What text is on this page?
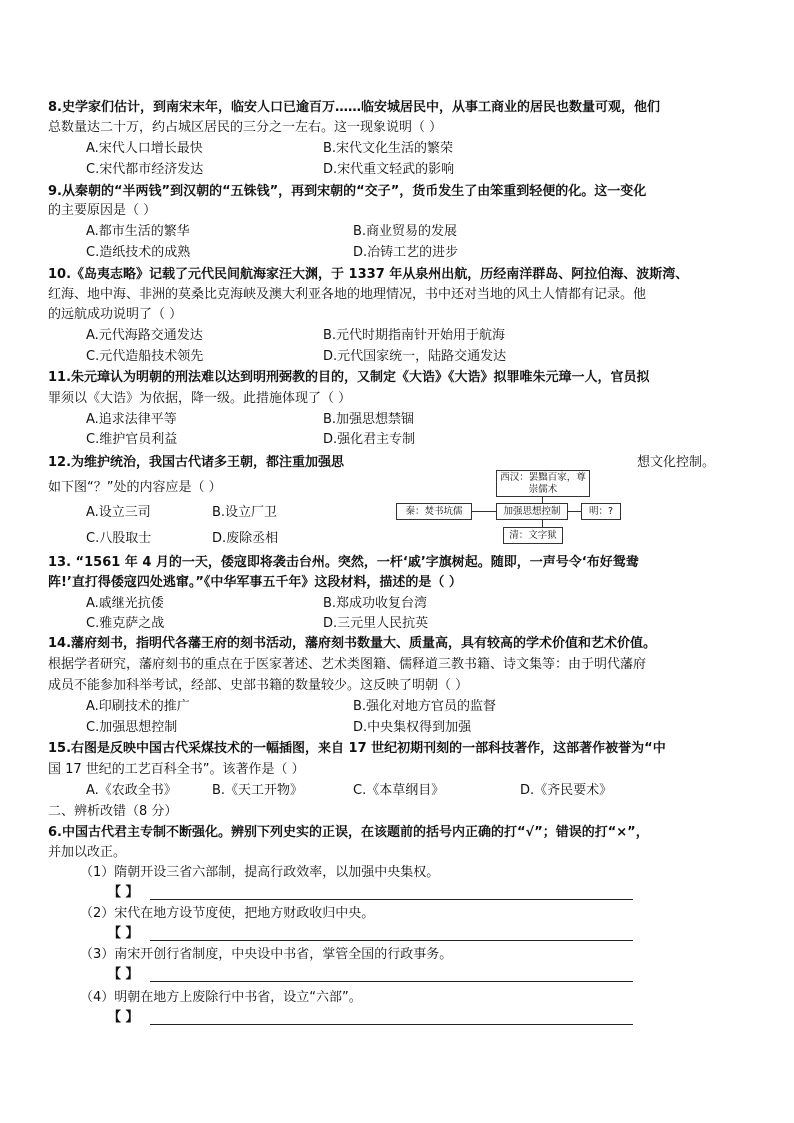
8.史学家们估计，到南宋末年，临安人口已逾百万……临安城居民中，从事工商业的居民也数量可观，他们
总数量达二十万，约占城区居民的三分之一左右。这一现象说明（ ）
A.宋代人口增长最快	B.宋代文化生活的繁荣
C.宋代都市经济发达	D.宋代重文轻武的影响
9.从秦朝的“半两钱”到汉朝的“五铢钱”，再到宋朝的“交子”，货币发生了由笨重到轻便的化。这一变化
的主要原因是（ ）
A.都市生活的繁华	B.商业贸易的发展
C.造纸技术的成熟	D.冶铸工艺的进步
10.《岛夷志略》记载了元代民间航海家汪大渊，于 1337 年从泉州出航，历经南洋群岛、阿拉伯海、波斯湾、
红海、地中海、非洲的莫桑比克海峡及澳大利亚各地的地理情况，书中还对当地的风土人情都有记录。他
的远航成功说明了（ ）
A.元代海路交通发达	B.元代时期指南针开始用于航海
C.元代造船技术领先	D.元代国家统一，陆路交通发达
11.朱元璋认为明朝的刑法难以达到明刑弼教的目的，又制定《大诰》《大诰》拟罪唯朱元璋一人，官员拟
罪须以《大诰》为依据，降一级。此措施体现了（ ）
A.追求法律平等	B.加强思想禁锢
C.维护官员利益	D.强化君主专制
12.为维护统治，我国古代诸多王朝，都注重加强思	想文化控制。
如下图“？”处的内容应是（ ）
A.设立三司	B.设立厂卫
C.八股取士	D.废除丞相
西汉：罢黜百家，尊崇儒术
秦：焚书坑儒	加强思想控制	明：?
清：文字狱
13. “1561 年 4 月的一天，倭寇即将袭击台州。突然，一杆‘戚’字旗树起。随即，一声号令‘布好鸳鸯
阵!’直打得倭寇四处逃窜。”《中华军事五千年》这段材料，描述的是（ ）
A.戚继光抗倭	B.郑成功收复台湾
C.雅克萨之战	D.三元里人民抗英
14.藩府刻书，指明代各藩王府的刻书活动，藩府刻书数量大、质量高，具有较高的学术价值和艺术价值。
根据学者研究，藩府刻书的重点在于医家著述、艺术类图籍、儒释道三教书籍、诗文集等：由于明代藩府
成员不能参加科举考试，经部、史部书籍的数量较少。这反映了明朝（ ）
A.印刷技术的推广	B.强化对地方官员的监督
C.加强思想控制	D.中央集权得到加强
15.右图是反映中国古代采煤技术的一幅插图，来自 17 世纪初期刊刻的一部科技著作，这部著作被誉为“中
国 17 世纪的工艺百科全书”。该著作是（ ）
A.《农政全书》	B.《天工开物》	C.《本草纲目》	D.《齐民要术》
二、辨析改错（8 分）
6.中国古代君主专制不断强化。辨别下列史实的正误，在该题前的括号内正确的打“√”；错误的打“×”，
并加以改正。
（1）隋朝开设三省六部制，提高行政效率，以加强中央集权。
【 】
（2）宋代在地方设节度使，把地方财政收归中央。
【 】
（3）南宋开创行省制度，中央设中书省，掌管全国的行政事务。
【 】
（4）明朝在地方上废除行中书省，设立“六部”。
【 】
